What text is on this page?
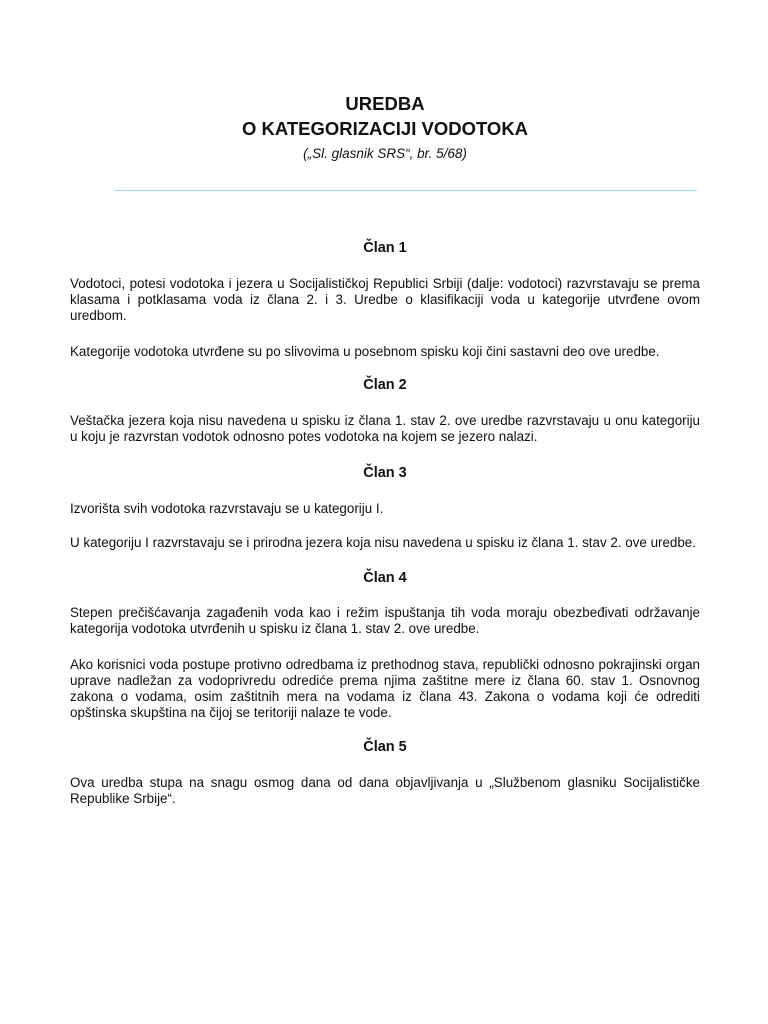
UREDBA

O KATEGORIZACIJI VODOTOKA

(„Sl. glasnik SRS“, br. 5/68)

Član 1

Vodotoci, potesi vodotoka i jezera u Socijalističkoj Republici Srbiji (dalje: vodotoci) razvrstavaju se prema klasama i potklasama voda iz člana 2. i 3. Uredbe o klasifikaciji voda u kategorije utvrđene ovom uredbom.

Kategorije vodotoka utvrđene su po slivovima u posebnom spisku koji čini sastavni deo ove uredbe.

Član 2

Veštačka jezera koja nisu navedena u spisku iz člana 1. stav 2. ove uredbe razvrstavaju u onu kategoriju u koju je razvrstan vodotok odnosno potes vodotoka na kojem se jezero nalazi.

Član 3

Izvorišta svih vodotoka razvrstavaju se u kategoriju I.

U kategoriju I razvrstavaju se i prirodna jezera koja nisu navedena u spisku iz člana 1. stav 2. ove uredbe.

Član 4

Stepen prečišćavanja zagađenih voda kao i režim ispuštanja tih voda moraju obezbeđivati održavanje kategorija vodotoka utvrđenih u spisku iz člana 1. stav 2. ove uredbe.

Ako korisnici voda postupe protivno odredbama iz prethodnog stava, republički odnosno pokrajinski organ uprave nadležan za vodoprivredu odrediće prema njima zaštitne mere iz člana 60. stav 1. Osnovnog zakona o vodama, osim zaštitnih mera na vodama iz člana 43. Zakona o vodama koji će odrediti opštinska skupština na čijoj se teritoriji nalaze te vode.

Član 5

Ova uredba stupa na snagu osmog dana od dana objavljivanja u „Službenom glasniku Socijalističke Republike Srbije“.
